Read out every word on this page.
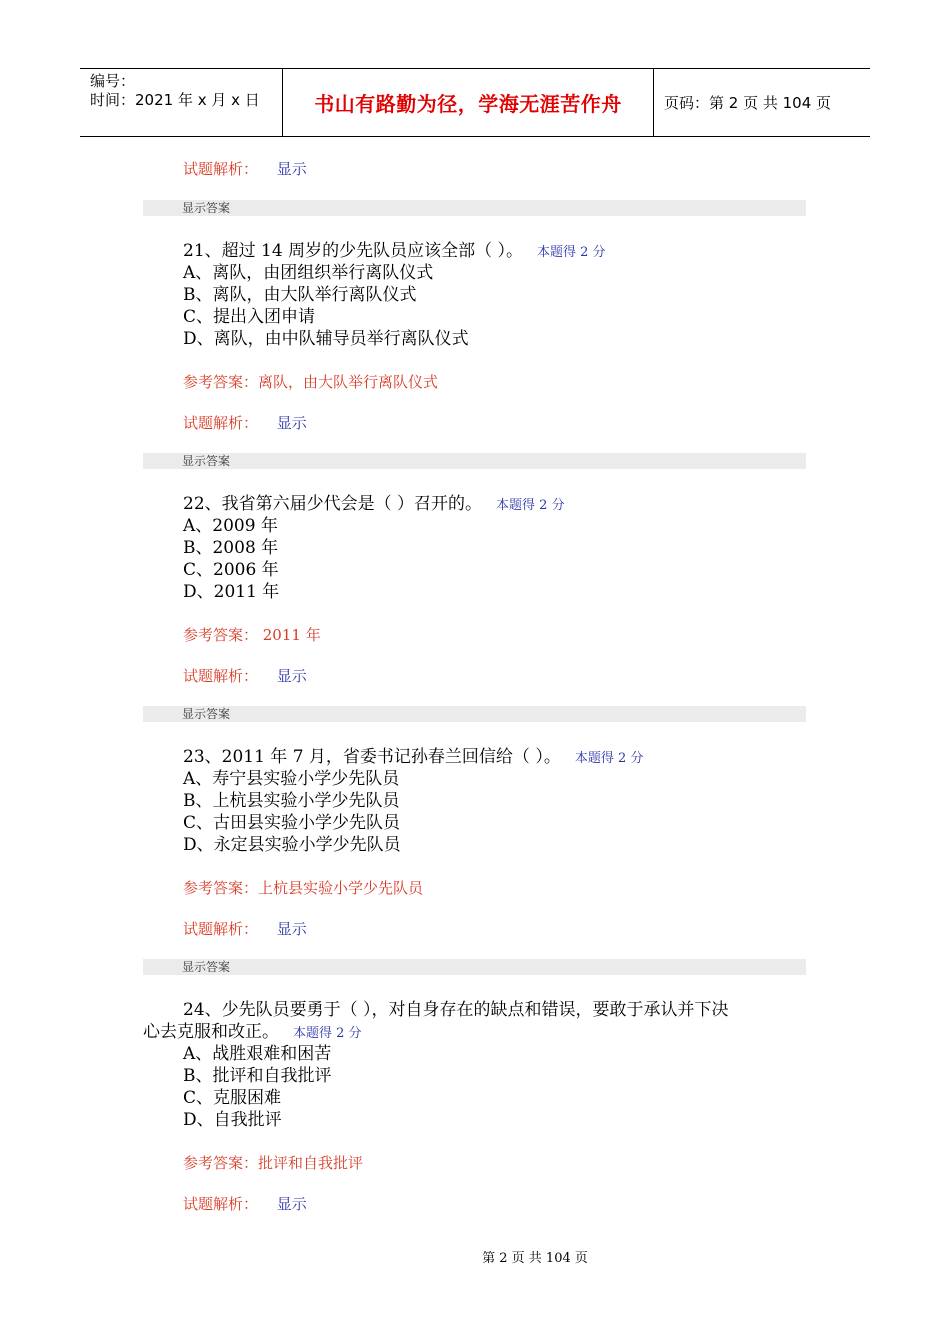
编号：
时间：2021 年 x 月 x 日	书山有路勤为径，学海无涯苦作舟	页码：第 2 页 共 104 页
试题解析： 显示
显示答案
21、超过 14 周岁的少先队员应该全部（ ）。 本题得 2 分
A、离队，由团组织举行离队仪式
B、离队，由大队举行离队仪式
C、提出入团申请
D、离队，由中队辅导员举行离队仪式
参考答案：离队，由大队举行离队仪式
试题解析： 显示
显示答案
22、我省第六届少代会是（ ）召开的。 本题得 2 分
A、2009 年
B、2008 年
C、2006 年
D、2011 年
参考答案： 2011 年
试题解析： 显示
显示答案
23、2011 年 7 月，省委书记孙春兰回信给（ ）。 本题得 2 分
A、寿宁县实验小学少先队员
B、上杭县实验小学少先队员
C、古田县实验小学少先队员
D、永定县实验小学少先队员
参考答案：上杭县实验小学少先队员
试题解析： 显示
显示答案
24、少先队员要勇于（ ），对自身存在的缺点和错误，要敢于承认并下决
心去克服和改正。 本题得 2 分
A、战胜艰难和困苦
B、批评和自我批评
C、克服困难
D、自我批评
参考答案：批评和自我批评
试题解析： 显示
第 2 页 共 104 页
